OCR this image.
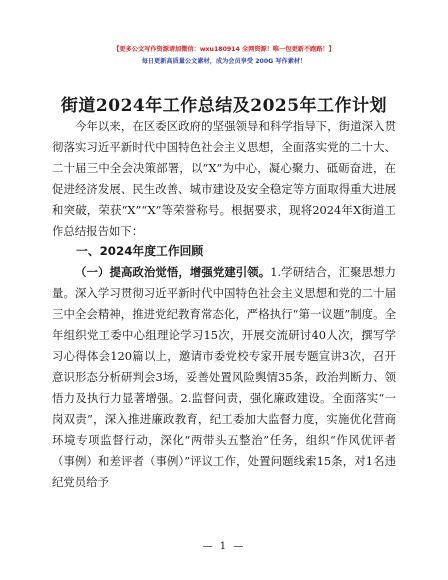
【更多公文写作资源请加微信：wxu180914 全网资源！唯一包更新不跑路！】
每日更新高质量公文素材，成为会员享受 200G 写作素材！
街道2024年工作总结及2025年工作计划

今年以来，在区委区政府的坚强领导和科学指导下，街道深入贯彻落实习近平新时代中国特色社会主义思想，全面落实党的二十大、二十届三中全会决策部署，以“X”为中心，凝心聚力、砥砺奋进，在促进经济发展、民生改善、城市建设及安全稳定等方面取得重大进展和突破，荣获“X”“X”等荣誉称号。根据要求，现将2024年X街道工作总结报告如下：

一、2024年度工作回顾

（一）提高政治觉悟，增强党建引领。1.学研结合，汇聚思想力量。深入学习贯彻习近平新时代中国特色社会主义思想和党的二十届三中全会精神，推进党纪教育常态化，严格执行“第一议题”制度。全年组织党工委中心组理论学习15次，开展交流研讨40人次，撰写学习心得体会120篇以上，邀请市委党校专家开展专题宣讲3次，召开意识形态分析研判会3场，妥善处置风险舆情35条，政治判断力、领悟力及执行力显著增强。2.监督问责，强化廉政建设。全面落实“一岗双责”，深入推进廉政教育，纪工委加大监督力度，实施优化营商环境专项监督行动，深化“两带头五整治”任务，组织“作风优评者（事例）和差评者（事例）”评议工作，处置问题线索15条，对1名违纪党员给予

— 1 —
